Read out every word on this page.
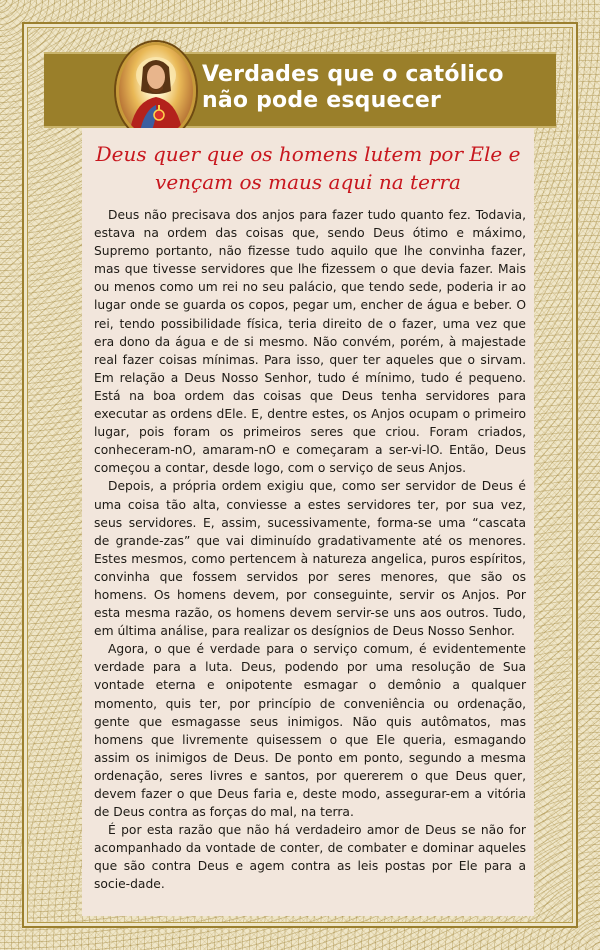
Verdades que o católico
não pode esquecer
Deus quer que os homens lutem por Ele e
vençam os maus aqui na terra

Deus não precisava dos anjos para fazer tudo quanto fez. Todavia, estava na ordem das coisas que, sendo Deus ótimo e máximo, Supremo portanto, não fizesse tudo aquilo que lhe convinha fazer, mas que tivesse servidores que lhe fizessem o que devia fazer. Mais ou menos como um rei no seu palácio, que tendo sede, poderia ir ao lugar onde se guarda os copos, pegar um, encher de água e beber. O rei, tendo possibilidade física, teria direito de o fazer, uma vez que era dono da água e de si mesmo. Não convém, porém, à majestade real fazer coisas mínimas. Para isso, quer ter aqueles que o sirvam. Em relação a Deus Nosso Senhor, tudo é mínimo, tudo é pequeno. Está na boa ordem das coisas que Deus tenha servidores para executar as ordens dEle. E, dentre estes, os Anjos ocupam o primeiro lugar, pois foram os primeiros seres que criou. Foram criados, conheceram-nO, amaram-nO e começaram a ser-vi-lO. Então, Deus começou a contar, desde logo, com o serviço de seus Anjos.

Depois, a própria ordem exigiu que, como ser servidor de Deus é uma coisa tão alta, conviesse a estes servidores ter, por sua vez, seus servidores. E, assim, sucessivamente, forma-se uma “cascata de grande-zas” que vai diminuído gradativamente até os menores. Estes mesmos, como pertencem à natureza angelica, puros espíritos, convinha que fossem servidos por seres menores, que são os homens. Os homens devem, por conseguinte, servir os Anjos. Por esta mesma razão, os homens devem servir-se uns aos outros. Tudo, em última análise, para realizar os desígnios de Deus Nosso Senhor.

Agora, o que é verdade para o serviço comum, é evidentemente verdade para a luta. Deus, podendo por uma resolução de Sua vontade eterna e onipotente esmagar o demônio a qualquer momento, quis ter, por princípio de conveniência ou ordenação, gente que esmagasse seus inimigos. Não quis autômatos, mas homens que livremente quisessem o que Ele queria, esmagando assim os inimigos de Deus. De ponto em ponto, segundo a mesma ordenação, seres livres e santos, por quererem o que Deus quer, devem fazer o que Deus faria e, deste modo, assegurar-em a vitória de Deus contra as forças do mal, na terra.

É por esta razão que não há verdadeiro amor de Deus se não for acompanhado da vontade de conter, de combater e dominar aqueles que são contra Deus e agem contra as leis postas por Ele para a socie-dade.
